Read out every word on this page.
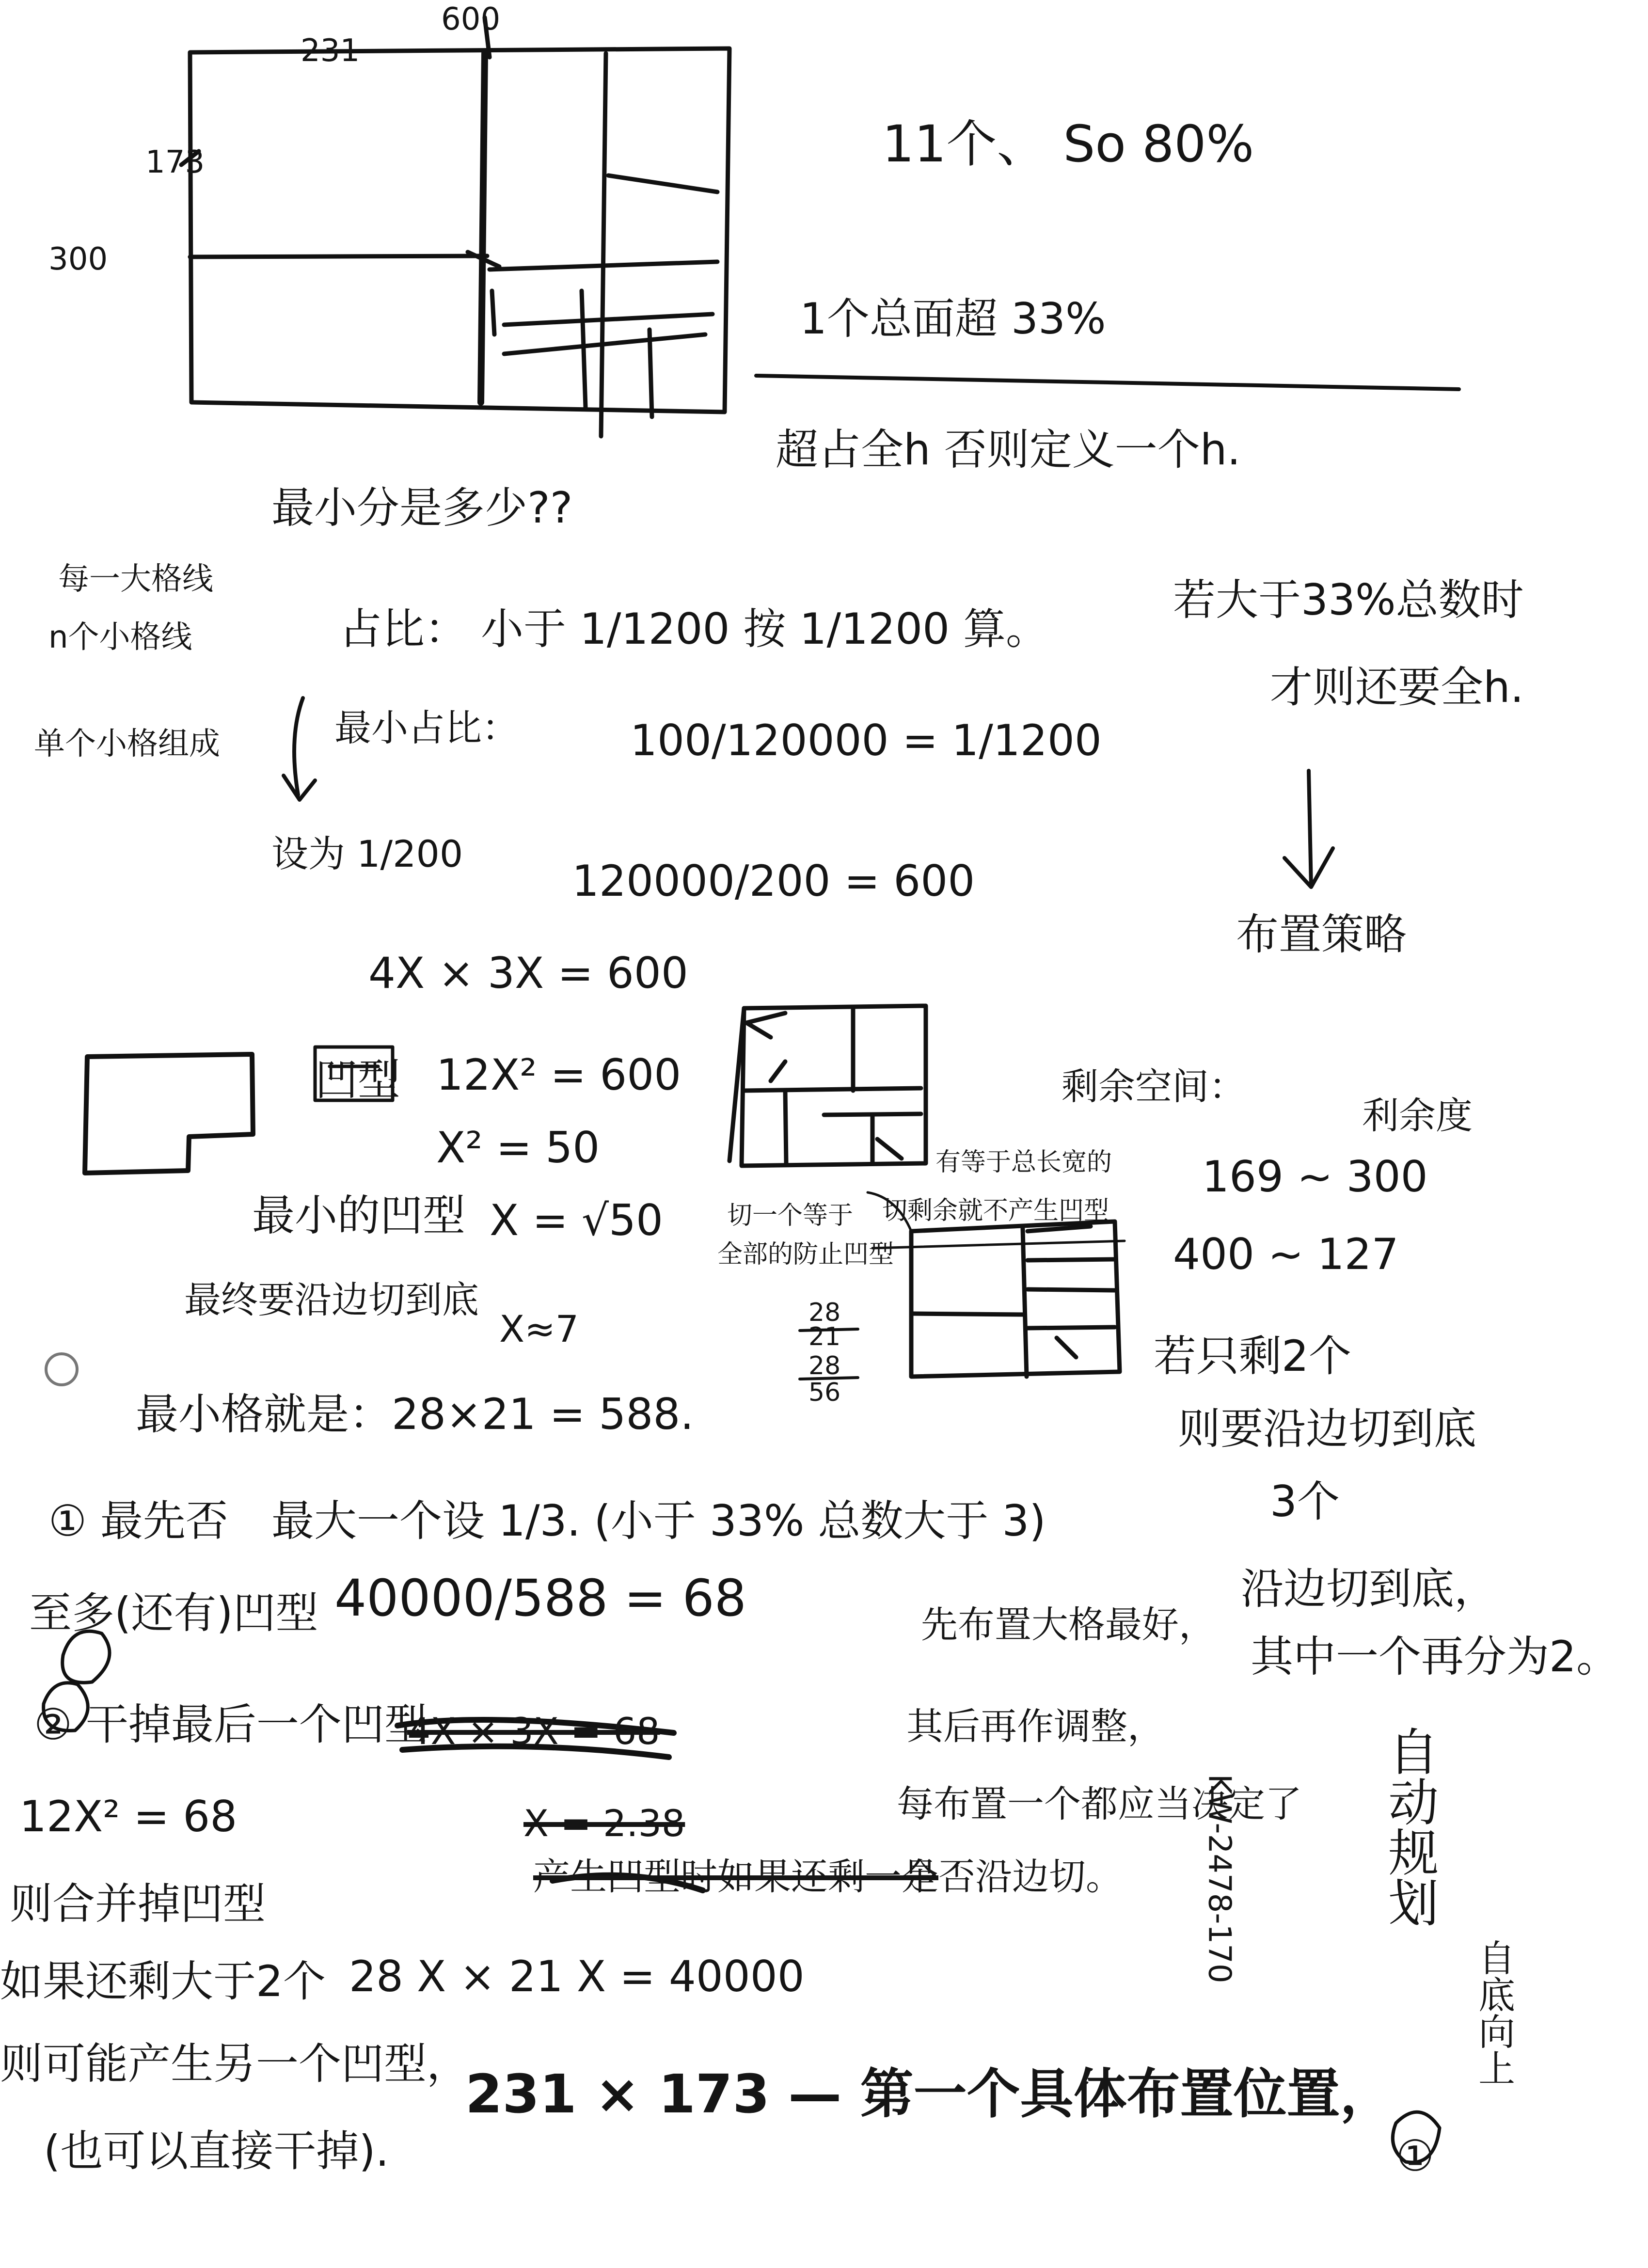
231
600
173
300
28
21
28
56
11个、 So 80%
1个总面超 33%
超占全h 否则定义一个h.
最小分是多少??
每一大格线
n个小格线
单个小格组成
占比： 小于 1/1200 按 1/1200 算。
最小占比：	100/120000 = 1/1200
设为 1/200
120000/200 = 600
若大于33%总数时
才则还要全h.
布置策略
4X × 3X = 600
凹型 12X² = 600
X² = 50
最小的凹型 X = √50
最终要沿边切到底
X≈7
切一个等于
全部的防止凹型
有等于总长宽的
切剩余就不产生凹型
剩余空间：
利余度
169 ~ 300
400 ~ 127
若只剩2个
则要沿边切到底
3个
沿边切到底，
其中一个再分为2。
最小格就是：28×21 = 588.
① 最先否 最大一个设 1/3. (小于 33% 总数大于 3)
至多(还有)凹型 40000/588 = 68	先布置大格最好，
其后再作调整，
每布置一个都应当决定了
是否沿边切。
② 干掉最后一个凹型
4X × 3X = 68
12X² = 68	X = 2.38
产生凹型时如果还剩一个
则合并掉凹型
如果还剩大于2个
则可能产生另一个凹型，
(也可以直接干掉).
28 X × 21 X = 40000
231 × 173 — 第一个具体布置位置，
自动规划
自底向上
KW-2478-170
①
